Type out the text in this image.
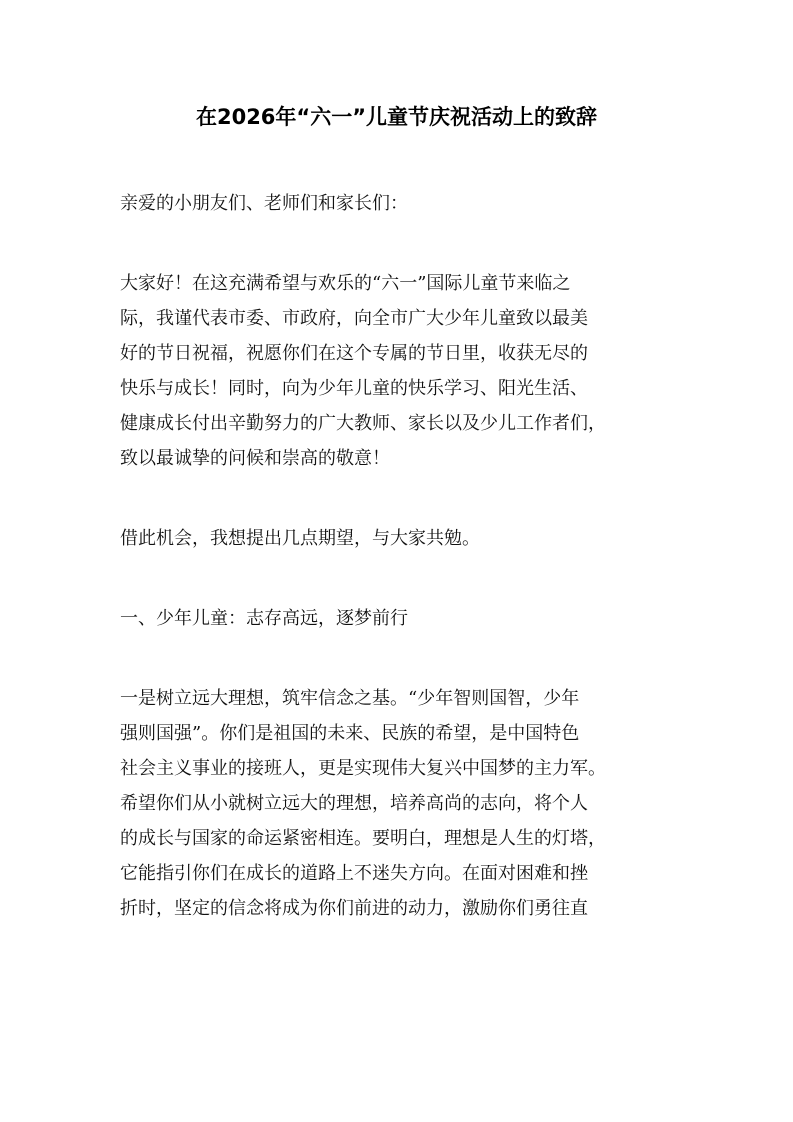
在2026年“六一”儿童节庆祝活动上的致辞

亲爱的小朋友们、老师们和家长们：

大家好！在这充满希望与欢乐的“六一”国际儿童节来临之
际，我谨代表市委、市政府，向全市广大少年儿童致以最美
好的节日祝福，祝愿你们在这个专属的节日里，收获无尽的
快乐与成长！同时，向为少年儿童的快乐学习、阳光生活、
健康成长付出辛勤努力的广大教师、家长以及少儿工作者们，
致以最诚挚的问候和崇高的敬意！

借此机会，我想提出几点期望，与大家共勉。

一、少年儿童：志存高远，逐梦前行

一是树立远大理想，筑牢信念之基。“少年智则国智，少年
强则国强”。你们是祖国的未来、民族的希望，是中国特色
社会主义事业的接班人，更是实现伟大复兴中国梦的主力军。
希望你们从小就树立远大的理想，培养高尚的志向，将个人
的成长与国家的命运紧密相连。要明白，理想是人生的灯塔，
它能指引你们在成长的道路上不迷失方向。在面对困难和挫
折时，坚定的信念将成为你们前进的动力，激励你们勇往直
